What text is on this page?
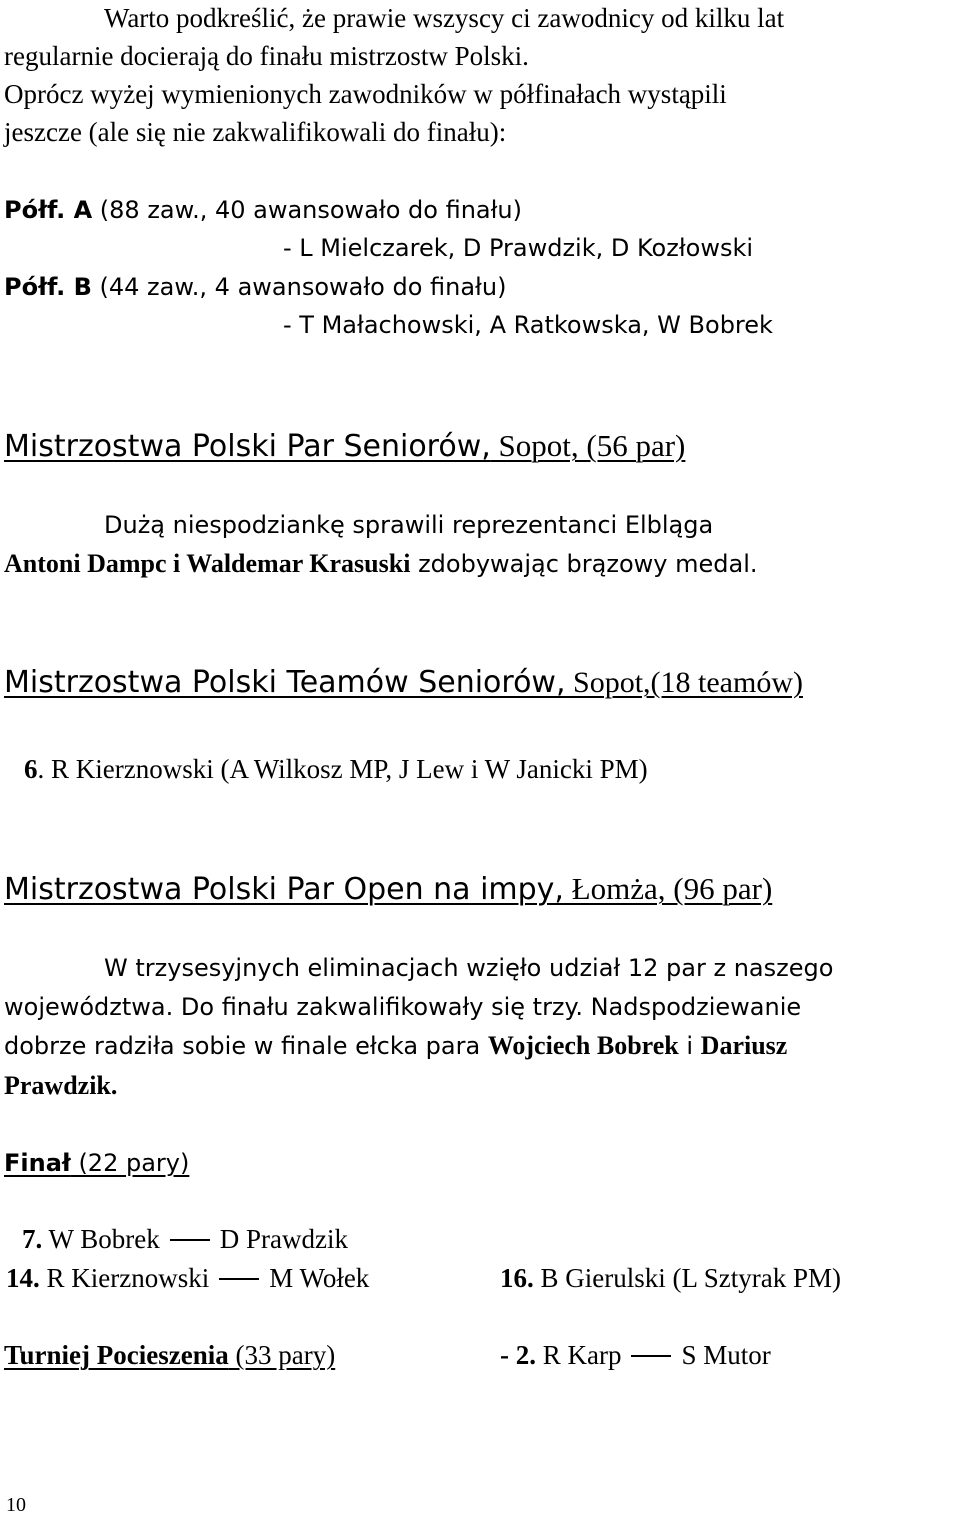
Warto podkreślić, że prawie wszyscy ci zawodnicy od kilku lat
regularnie docierają do finału mistrzostw Polski.
Oprócz wyżej wymienionych zawodników w półfinałach wystąpili
jeszcze (ale się nie zakwalifikowali do finału):
Półf. A (88 zaw., 40 awansowało do finału)
- L Mielczarek, D Prawdzik, D Kozłowski
Półf. B (44 zaw., 4 awansowało do finału)
- T Małachowski, A Ratkowska, W Bobrek
Mistrzostwa Polski Par Seniorów, Sopot, (56 par)
Dużą niespodziankę sprawili reprezentanci Elbląga
Antoni Dampc i Waldemar Krasuski zdobywając brązowy medal.
Mistrzostwa Polski Teamów Seniorów, Sopot,(18 teamów)
6. R Kierznowski (A Wilkosz MP, J Lew i W Janicki PM)
Mistrzostwa Polski Par Open na impy, Łomża, (96 par)
W trzysesyjnych eliminacjach wzięło udział 12 par z naszego
województwa. Do finału zakwalifikowały się trzy. Nadspodziewanie
dobrze radziła sobie w finale ełcka para Wojciech Bobrek i Dariusz
Prawdzik.
Finał (22 pary)
7. W Bobrek D Prawdzik
14. R Kierznowski M Wołek	16. B Gierulski (L Sztyrak PM)
Turniej Pocieszenia (33 pary)	- 2. R Karp S Mutor
10
